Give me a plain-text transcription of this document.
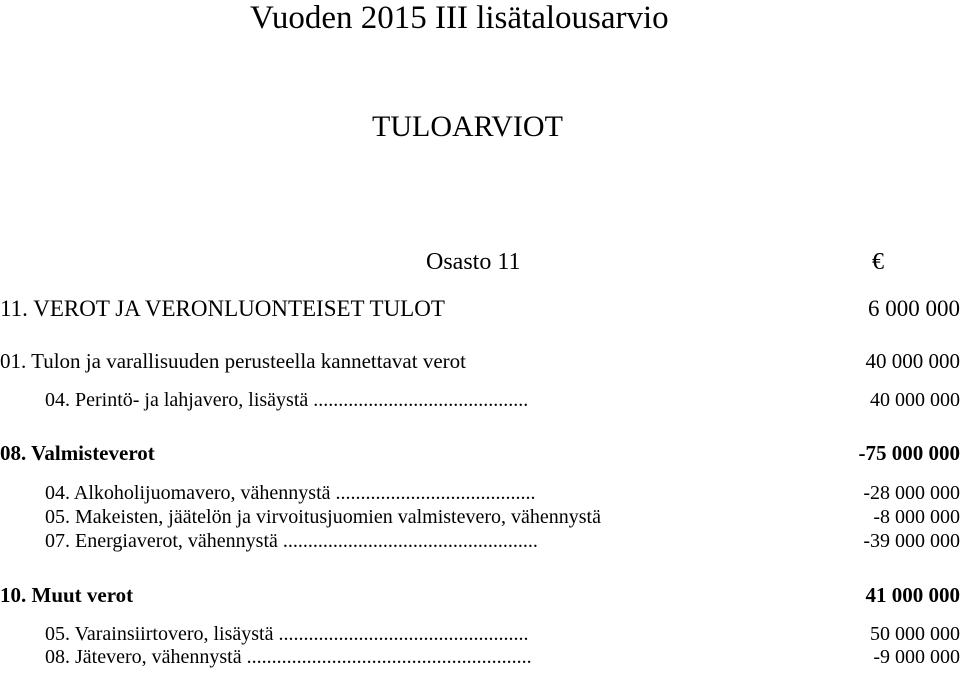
Vuoden 2015 III lisätalousarvio
TULOARVIOT
Osasto 11	€
11. VEROT JA VERONLUONTEISET TULOT	6 000 000
01. Tulon ja varallisuuden perusteella kannettavat verot	40 000 000
04. Perintö- ja lahjavero, lisäystä ...........................................	40 000 000
08. Valmisteverot	-75 000 000
04. Alkoholijuomavero, vähennystä ........................................	-28 000 000
05. Makeisten, jäätelön ja virvoitusjuomien valmistevero, vähennystä	-8 000 000
07. Energiaverot, vähennystä ...................................................	-39 000 000
10. Muut verot	41 000 000
05. Varainsiirtovero, lisäystä ..................................................	50 000 000
08. Jätevero, vähennystä .........................................................	-9 000 000
